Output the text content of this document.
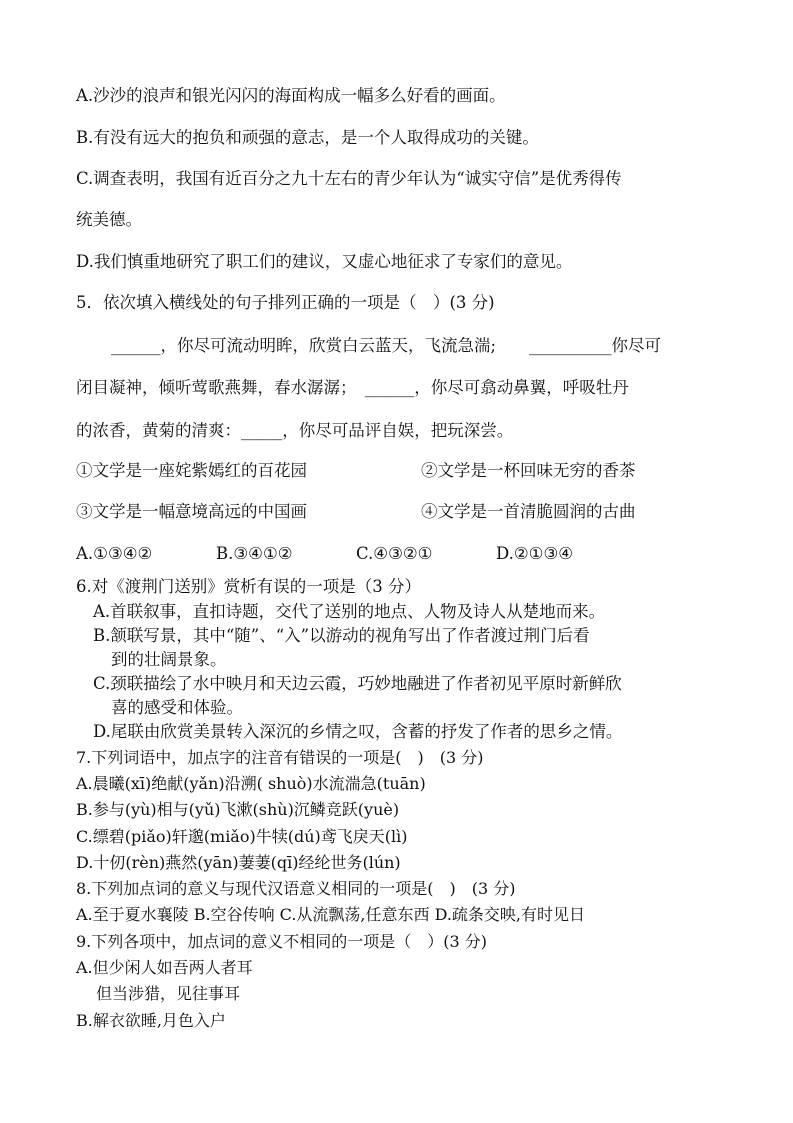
A.沙沙的浪声和银光闪闪的海面构成一幅多么好看的画面。
B.有没有远大的抱负和顽强的意志，是一个人取得成功的关键。
C.调查表明，我国有近百分之九十左右的青少年认为“诚实守信”是优秀得传
统美德。
D.我们慎重地研究了职工们的建议，又虚心地征求了专家们的意见。
5．依次填入横线处的句子排列正确的一项是（　）(3 分)
______，你尽可流动明眸，欣赏白云蓝天，飞流急湍;　　__________你尽可
闭目凝神，倾听莺歌燕舞，春水潺潺；　______，你尽可翕动鼻翼，呼吸牡丹
的浓香，黄菊的清爽：_____，你尽可品评自娱，把玩深尝。
①文学是一座姹紫嫣红的百花园	②文学是一杯回味无穷的香茶
③文学是一幅意境高远的中国画	④文学是一首清脆圆润的古曲
A.①③④②	B.③④①②	C.④③②①	D.②①③④
6.对《渡荆门送别》赏析有误的一项是（3 分）
A.首联叙事，直扣诗题，交代了送别的地点、人物及诗人从楚地而来。
B.颔联写景，其中“随”、“入”以游动的视角写出了作者渡过荆门后看
到的壮阔景象。
C.颈联描绘了水中映月和天边云霞，巧妙地融进了作者初见平原时新鲜欣
喜的感受和体验。
D.尾联由欣赏美景转入深沉的乡情之叹，含蓄的抒发了作者的思乡之情。
7.下列词语中，加点字的注音有错误的一项是(　)　(3 分)
A.晨曦(xī)绝献(yǎn)沿溯( shuò)水流湍急(tuān)
B.参与(yù)相与(yǔ)飞漱(shù)沉鳞竞跃(yuè)
C.缥碧(piǎo)轩邈(miǎo)牛犊(dú)鸢飞戾天(lì)
D.十仞(rèn)燕然(yān)萋萋(qī)经纶世务(lún)
8.下列加点词的意义与现代汉语意义相同的一项是(　)　(3 分)
A.至于夏水襄陵 B.空谷传响 C.从流飘荡,任意东西 D.疏条交映,有时见日
9.下列各项中，加点词的意义不相同的一项是（　）(3 分)
A.但少闲人如吾两人者耳
但当涉猎，见往事耳
B.解衣欲睡,月色入户
